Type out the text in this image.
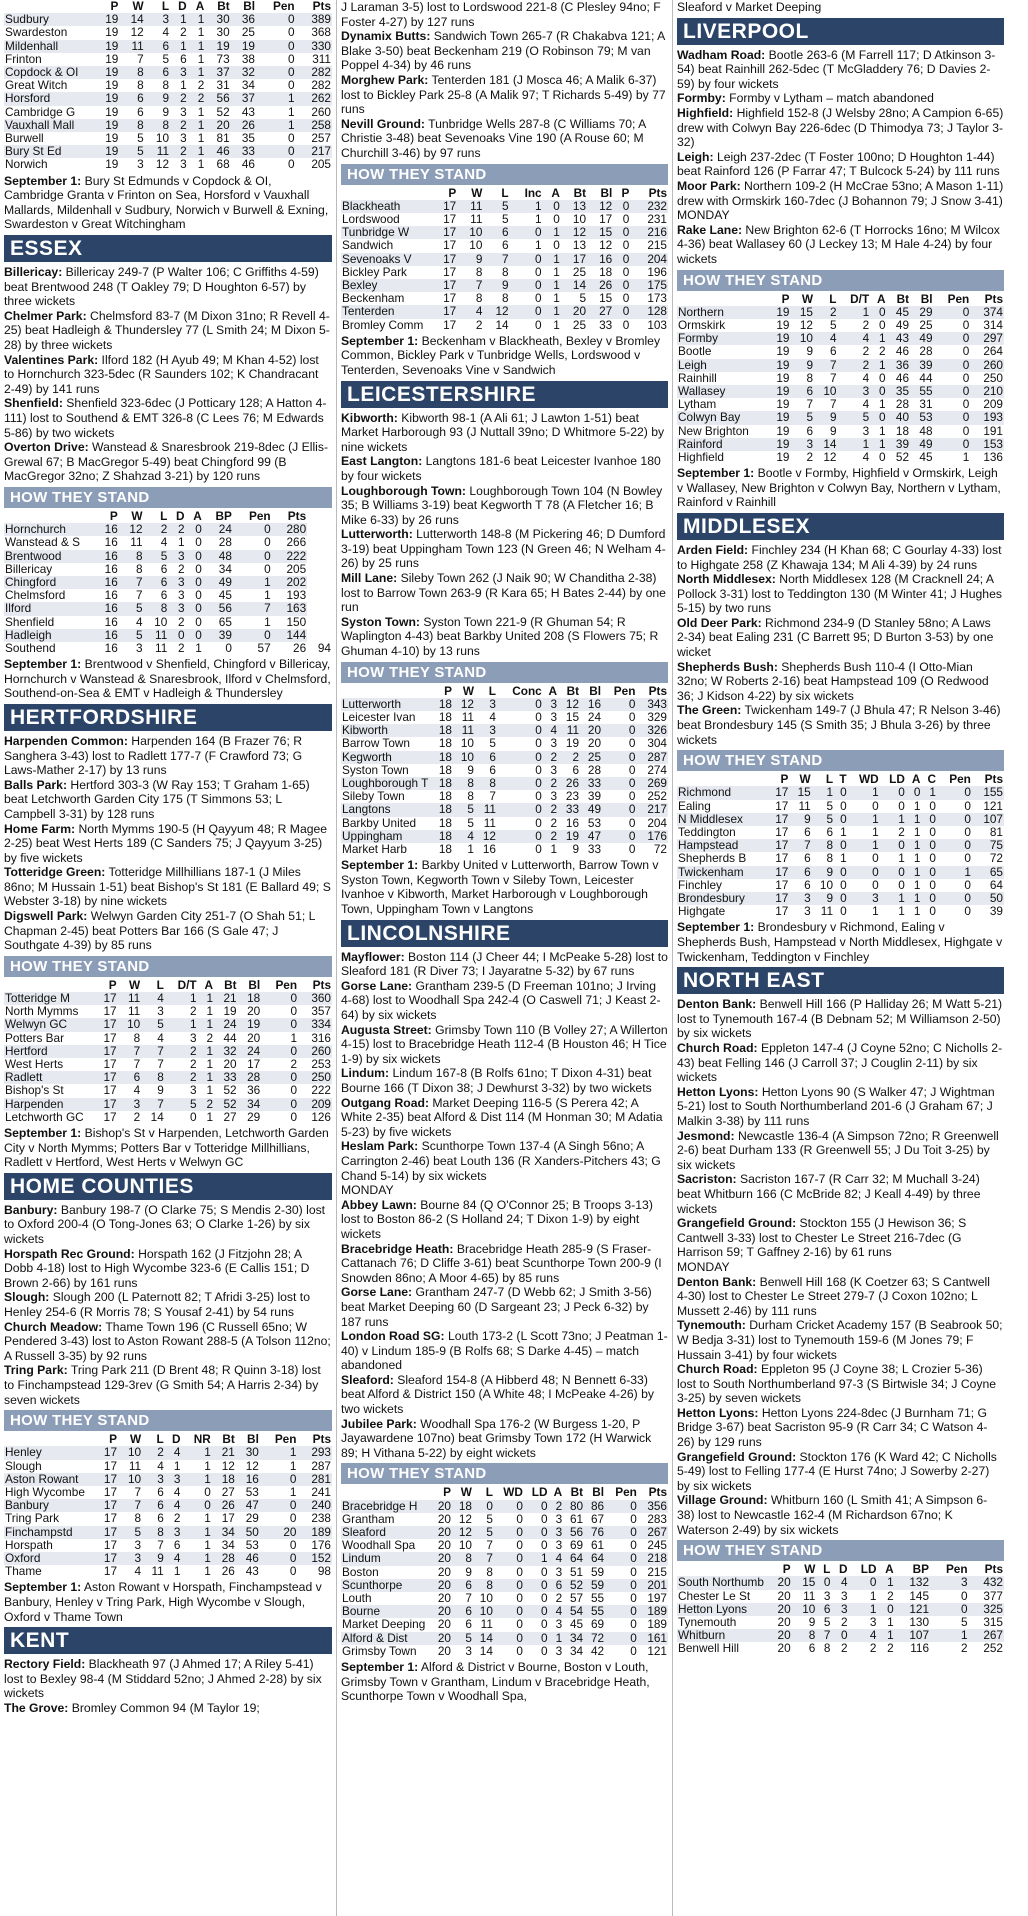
	P	W	L	D	A	Bt	Bl	Pen	Pts
Sudbury	19	14	3	1	1	30	36	0	389
Swardeston	19	12	4	2	1	30	25	0	368
Mildenhall	19	11	6	1	1	19	19	0	330
Frinton	19	7	5	6	1	73	38	0	311
Copdock & OI	19	8	6	3	1	37	32	0	282
Great Witch	19	8	8	1	2	31	34	0	282
Horsford	19	6	9	2	2	56	37	1	262
Cambridge G	19	6	9	3	1	52	43	1	260
Vauxhall Mall	19	8	8	2	1	20	26	1	258
Burwell	19	5	10	3	1	81	35	0	257
Bury St Ed	19	5	11	2	1	46	33	0	217
Norwich	19	3	12	3	1	68	46	0	205

September 1: Bury St Edmunds v Copdock & OI, Cambridge Granta v Frinton on Sea, Horsford v Vauxhall Mallards, Mildenhall v Sudbury, Norwich v Burwell & Exning, Swardeston v Great Witchingham

ESSEX

Billericay: Billericay 249-7 (P Walter 106; C Griffiths 4-59) beat Brentwood 248 (T Oakley 79; D Houghton 6-57) by three wickets

Chelmer Park: Chelmsford 83-7 (M Dixon 31no; R Revell 4-25) beat Hadleigh & Thundersley 77 (L Smith 24; M Dixon 5-28) by three wickets

Valentines Park: Ilford 182 (H Ayub 49; M Khan 4-52) lost to Hornchurch 323-5dec (R Saunders 102; K Chandracant 2-49) by 141 runs

Shenfield: Shenfield 323-6dec (J Potticary 128; A Hatton 4-111) lost to Southend & EMT 326-8 (C Lees 76; M Edwards 5-86) by two wickets

Overton Drive: Wanstead & Snaresbrook 219-8dec (J Ellis-Grewal 67; B MacGregor 5-49) beat Chingford 99 (B MacGregor 32no; Z Shahzad 3-21) by 120 runs

HOW THEY STAND
	P	W	L	D	A	BP	Pen	Pts	
Hornchurch	16	12	2	2	0	24	0	280	
Wanstead & S	16	11	4	1	0	28	0	266	
Brentwood	16	8	5	3	0	48	0	222	
Billericay	16	8	6	2	0	34	0	205	
Chingford	16	7	6	3	0	49	1	202	
Chelmsford	16	7	6	3	0	45	1	193	
Ilford	16	5	8	3	0	56	7	163	
Shenfield	16	4	10	2	0	65	1	150	
Hadleigh	16	5	11	0	0	39	0	144	
Southend	16	3	11	2	1	0	57	26	94

September 1: Brentwood v Shenfield, Chingford v Billericay, Hornchurch v Wanstead & Snaresbrook, Ilford v Chelmsford, Southend-on-Sea & EMT v Hadleigh & Thundersley

HERTFORDSHIRE

Harpenden Common: Harpenden 164 (B Frazer 76; R Sanghera 3-43) lost to Radlett 177-7 (F Crawford 73; G Laws-Mather 2-17) by 13 runs

Balls Park: Hertford 303-3 (W Ray 153; T Graham 1-65) beat Letchworth Garden City 175 (T Simmons 53; L Campbell 3-31) by 128 runs

Home Farm: North Mymms 190-5 (H Qayyum 48; R Magee 2-25) beat West Herts 189 (C Sanders 75; J Qayyum 3-25) by five wickets

Totteridge Green: Totteridge Millhillians 187-1 (J Miles 86no; M Hussain 1-51) beat Bishop's St 181 (E Ballard 49; S Webster 3-18) by nine wickets

Digswell Park: Welwyn Garden City 251-7 (O Shah 51; L Chapman 2-45) beat Potters Bar 166 (S Gale 47; J Southgate 4-39) by 85 runs

HOW THEY STAND
	P	W	L	D/T	A	Bt	Bl	Pen	Pts
Totteridge M	17	11	4	1	1	21	18	0	360
North Mymms	17	11	3	2	1	19	20	0	357
Welwyn GC	17	10	5	1	1	24	19	0	334
Potters Bar	17	8	4	3	2	44	20	1	316
Hertford	17	7	7	2	1	32	24	0	260
West Herts	17	7	7	2	1	20	17	2	253
Radlett	17	6	8	2	1	33	28	0	250
Bishop's St	17	4	9	3	1	52	36	0	222
Harpenden	17	3	7	5	2	52	34	0	209
Letchworth GC	17	2	14	0	1	27	29	0	126

September 1: Bishop's St v Harpenden, Letchworth Garden City v North Mymms; Potters Bar v Totteridge Millhillians, Radlett v Hertford, West Herts v Welwyn GC

HOME COUNTIES

Banbury: Banbury 198-7 (O Clarke 75; S Mendis 2-30) lost to Oxford 200-4 (O Tong-Jones 63; O Clarke 1-26) by six wickets

Horspath Rec Ground: Horspath 162 (J Fitzjohn 28; A Dobb 4-18) lost to High Wycombe 323-6 (E Callis 151; D Brown 2-66) by 161 runs

Slough: Slough 200 (L Paternott 82; T Afridi 3-25) lost to Henley 254-6 (R Morris 78; S Yousaf 2-41) by 54 runs

Church Meadow: Thame Town 196 (C Russell 65no; W Pendered 3-43) lost to Aston Rowant 288-5 (A Tolson 112no; A Russell 3-35) by 92 runs

Tring Park: Tring Park 211 (D Brent 48; R Quinn 3-18) lost to Finchampstead 129-3rev (G Smith 54; A Harris 2-34) by seven wickets

HOW THEY STAND
	P	W	L	D	NR	Bt	Bl	Pen	Pts
Henley	17	10	2	4	1	21	30	1	293
Slough	17	11	4	1	1	12	12	1	287
Aston Rowant	17	10	3	3	1	18	16	0	281
High Wycombe	17	7	6	4	0	27	53	1	241
Banbury	17	7	6	4	0	26	47	0	240
Tring Park	17	8	6	2	1	17	29	0	238
Finchampstd	17	5	8	3	1	34	50	20	189
Horspath	17	3	7	6	1	34	53	0	176
Oxford	17	3	9	4	1	28	46	0	152
Thame	17	4	11	1	1	26	43	0	98

September 1: Aston Rowant v Horspath, Finchampstead v Banbury, Henley v Tring Park, High Wycombe v Slough, Oxford v Thame Town

KENT

Rectory Field: Blackheath 97 (J Ahmed 17; A Riley 5-41) lost to Bexley 98-4 (M Stiddard 52no; J Ahmed 2-28) by six wickets

The Grove: Bromley Common 94 (M Taylor 19;

J Laraman 3-5) lost to Lordswood 221-8 (C Plesley 94no; F Foster 4-27) by 127 runs

Dynamix Butts: Sandwich Town 265-7 (R Chakabva 121; A Blake 3-50) beat Beckenham 219 (O Robinson 79; M van Poppel 4-34) by 46 runs

Morghew Park: Tenterden 181 (J Mosca 46; A Malik 6-37) lost to Bickley Park 25-8 (A Malik 97; T Richards 5-49) by 77 runs

Nevill Ground: Tunbridge Wells 287-8 (C Williams 70; A Christie 3-48) beat Sevenoaks Vine 190 (A Rouse 60; M Churchill 3-46) by 97 runs

HOW THEY STAND
	P	W	L	Inc	A	Bt	Bl	P	Pts
Blackheath	17	11	5	1	0	13	12	0	232
Lordswood	17	11	5	1	0	10	17	0	231
Tunbridge W	17	10	6	0	1	12	15	0	216
Sandwich	17	10	6	1	0	13	12	0	215
Sevenoaks V	17	9	7	0	1	17	16	0	204
Bickley Park	17	8	8	0	1	25	18	0	196
Bexley	17	7	9	0	1	14	26	0	175
Beckenham	17	8	8	0	1	5	15	0	173
Tenterden	17	4	12	0	1	20	27	0	128
Bromley Comm	17	2	14	0	1	25	33	0	103

September 1: Beckenham v Blackheath, Bexley v Bromley Common, Bickley Park v Tunbridge Wells, Lordswood v Tenterden, Sevenoaks Vine v Sandwich

LEICESTERSHIRE

Kibworth: Kibworth 98-1 (A Ali 61; J Lawton 1-51) beat Market Harborough 93 (J Nuttall 39no; D Whitmore 5-22) by nine wickets

East Langton: Langtons 181-6 beat Leicester Ivanhoe 180 by four wickets

Loughborough Town: Loughborough Town 104 (N Bowley 35; B Williams 3-19) beat Kegworth T 78 (A Fletcher 16; B Mike 6-33) by 26 runs

Lutterworth: Lutterworth 148-8 (M Pickering 46; D Dumford 3-19) beat Uppingham Town 123 (N Green 46; N Welham 4-26) by 25 runs

Mill Lane: Sileby Town 262 (J Naik 90; W Chanditha 2-38) lost to Barrow Town 263-9 (R Kara 65; H Bates 2-44) by one run

Syston Town: Syston Town 221-9 (R Ghuman 54; R Waplington 4-43) beat Barkby United 208 (S Flowers 75; R Ghuman 4-10) by 13 runs

HOW THEY STAND
	P	W	L	Conc	A	Bt	Bl	Pen	Pts
Lutterworth	18	12	3	0	3	12	16	0	343
Leicester Ivan	18	11	4	0	3	15	24	0	329
Kibworth	18	11	3	0	4	11	20	0	326
Barrow Town	18	10	5	0	3	19	20	0	304
Kegworth	18	10	6	0	2	2	25	0	287
Syston Town	18	9	6	0	3	6	28	0	274
Loughborough T	18	8	8	0	2	26	33	0	269
Sileby Town	18	8	7	0	3	23	39	0	252
Langtons	18	5	11	0	2	33	49	0	217
Barkby United	18	5	11	0	2	16	53	0	204
Uppingham	18	4	12	0	2	19	47	0	176
Market Harb	18	1	16	0	1	9	33	0	72

September 1: Barkby United v Lutterworth, Barrow Town v Syston Town, Kegworth Town v Sileby Town, Leicester Ivanhoe v Kibworth, Market Harborough v Loughborough Town, Uppingham Town v Langtons

LINCOLNSHIRE

Mayflower: Boston 114 (J Cheer 44; I McPeake 5-28) lost to Sleaford 181 (R Diver 73; I Jayaratne 5-32) by 67 runs

Gorse Lane: Grantham 239-5 (D Freeman 101no; J Irving 4-68) lost to Woodhall Spa 242-4 (O Caswell 71; J Keast 2-64) by six wickets

Augusta Street: Grimsby Town 110 (B Volley 27; A Willerton 4-15) lost to Bracebridge Heath 112-4 (B Houston 46; H Tice 1-9) by six wickets

Lindum: Lindum 167-8 (B Rolfs 61no; T Dixon 4-31) beat Bourne 166 (T Dixon 38; J Dewhurst 3-32) by two wickets

Outgang Road: Market Deeping 116-5 (S Perera 42; A White 2-35) beat Alford & Dist 114 (M Honman 30; M Adatia 5-23) by five wickets

Heslam Park: Scunthorpe Town 137-4 (A Singh 56no; A Carrington 2-46) beat Louth 136 (R Xanders-Pitchers 43; G Chand 5-14) by six wickets

MONDAY

Abbey Lawn: Bourne 84 (Q O'Connor 25; B Troops 3-13) lost to Boston 86-2 (S Holland 24; T Dixon 1-9) by eight wickets

Bracebridge Heath: Bracebridge Heath 285-9 (S Fraser-Cattanach 76; D Cliffe 3-61) beat Scunthorpe Town 200-9 (I Snowden 86no; A Moor 4-65) by 85 runs

Gorse Lane: Grantham 247-7 (D Webb 62; J Smith 3-56) beat Market Deeping 60 (D Sargeant 23; J Peck 6-32) by 187 runs

London Road SG: Louth 173-2 (L Scott 73no; J Peatman 1-40) v Lindum 185-9 (B Rolfs 68; S Darke 4-45) – match abandoned

Sleaford: Sleaford 154-8 (A Hibberd 48; N Bennett 6-33) beat Alford & District 150 (A White 48; I McPeake 4-26) by two wickets

Jubilee Park: Woodhall Spa 176-2 (W Burgess 1-20, P Jayawardene 107no) beat Grimsby Town 172 (H Warwick 89; H Vithana 5-22) by eight wickets

HOW THEY STAND
	P	W	L	WD	LD	A	Bt	Bl	Pen	Pts
Bracebridge H	20	18	0	0	0	2	80	86	0	356
Grantham	20	12	5	0	0	3	61	67	0	283
Sleaford	20	12	5	0	0	3	56	76	0	267
Woodhall Spa	20	10	7	0	0	3	69	61	0	245
Lindum	20	8	7	0	1	4	64	64	0	218
Boston	20	9	8	0	0	3	51	59	0	215
Scunthorpe	20	6	8	0	0	6	52	59	0	201
Louth	20	7	10	0	0	2	57	55	0	197
Bourne	20	6	10	0	0	4	54	55	0	189
Market Deeping	20	6	11	0	0	3	45	69	0	189
Alford & Dist	20	5	14	0	0	1	34	72	0	161
Grimsby Town	20	3	14	0	0	3	34	42	0	121

September 1: Alford & District v Bourne, Boston v Louth, Grimsby Town v Grantham, Lindum v Bracebridge Heath, Scunthorpe Town v Woodhall Spa,

Sleaford v Market Deeping

LIVERPOOL

Wadham Road: Bootle 263-6 (M Farrell 117; D Atkinson 3-54) beat Rainhill 262-5dec (T McGladdery 76; D Davies 2-59) by four wickets

Formby: Formby v Lytham – match abandoned

Highfield: Highfield 152-8 (J Welsby 28no; A Campion 6-65) drew with Colwyn Bay 226-6dec (D Thimodya 73; J Taylor 3-32)

Leigh: Leigh 237-2dec (T Foster 100no; D Houghton 1-44) beat Rainford 126 (P Farrar 47; T Bulcock 5-24) by 111 runs

Moor Park: Northern 109-2 (H McCrae 53no; A Mason 1-11) drew with Ormskirk 160-7dec (J Bohannon 79; J Snow 3-41)

MONDAY

Rake Lane: New Brighton 62-6 (T Horrocks 16no; M Wilcox 4-36) beat Wallasey 60 (J Leckey 13; M Hale 4-24) by four wickets

HOW THEY STAND
	P	W	L	D/T	A	Bt	Bl	Pen	Pts
Northern	19	15	2	1	0	45	29	0	374
Ormskirk	19	12	5	2	0	49	25	0	314
Formby	19	10	4	4	1	43	49	0	297
Bootle	19	9	6	2	2	46	28	0	264
Leigh	19	9	7	2	1	36	39	0	260
Rainhill	19	8	7	4	0	46	44	0	250
Wallasey	19	6	10	3	0	35	55	0	210
Lytham	19	7	7	4	1	28	31	0	209
Colwyn Bay	19	5	9	5	0	40	53	0	193
New Brighton	19	6	9	3	1	18	48	0	191
Rainford	19	3	14	1	1	39	49	0	153
Highfield	19	2	12	4	0	52	45	1	136

September 1: Bootle v Formby, Highfield v Ormskirk, Leigh v Wallasey, New Brighton v Colwyn Bay, Northern v Lytham, Rainford v Rainhill

MIDDLESEX

Arden Field: Finchley 234 (H Khan 68; C Gourlay 4-33) lost to Highgate 258 (Z Khawaja 134; M Ali 4-39) by 24 runs

North Middlesex: North Middlesex 128 (M Cracknell 24; A Pollock 3-31) lost to Teddington 130 (M Winter 41; J Hughes 5-15) by two runs

Old Deer Park: Richmond 234-9 (D Stanley 58no; A Laws 2-34) beat Ealing 231 (C Barrett 95; D Burton 3-53) by one wicket

Shepherds Bush: Shepherds Bush 110-4 (I Otto-Mian 32no; W Roberts 2-16) beat Hampstead 109 (O Redwood 36; J Kidson 4-22) by six wickets

The Green: Twickenham 149-7 (J Bhula 47; R Nelson 3-46) beat Brondesbury 145 (S Smith 35; J Bhula 3-26) by three wickets

HOW THEY STAND
	P	W	L	T	WD	LD	A	C	Pen	Pts
Richmond	17	15	1	0	1	0	0	1	0	155
Ealing	17	11	5	0	0	0	1	0	0	121
N Middlesex	17	9	5	0	1	1	1	0	0	107
Teddington	17	6	6	1	1	2	1	0	0	81
Hampstead	17	7	8	0	1	0	1	0	0	75
Shepherds B	17	6	8	1	0	1	1	0	0	72
Twickenham	17	6	9	0	0	0	1	0	1	65
Finchley	17	6	10	0	0	0	1	0	0	64
Brondesbury	17	3	9	0	3	1	1	0	0	50
Highgate	17	3	11	0	1	1	1	0	0	39

September 1: Brondesbury v Richmond, Ealing v Shepherds Bush, Hampstead v North Middlesex, Highgate v Twickenham, Teddington v Finchley

NORTH EAST

Denton Bank: Benwell Hill 166 (P Halliday 26; M Watt 5-21) lost to Tynemouth 167-4 (B Debnam 52; M Williamson 2-50) by six wickets

Church Road: Eppleton 147-4 (J Coyne 52no; C Nicholls 2-43) beat Felling 146 (J Carroll 37; J Couglin 2-11) by six wickets

Hetton Lyons: Hetton Lyons 90 (S Walker 47; J Wightman 5-21) lost to South Northumberland 201-6 (J Graham 67; J Malkin 3-38) by 111 runs

Jesmond: Newcastle 136-4 (A Simpson 72no; R Greenwell 2-6) beat Durham 133 (R Greenwell 55; J Du Toit 3-25) by six wickets

Sacriston: Sacriston 167-7 (R Carr 32; M Muchall 3-24) beat Whitburn 166 (C McBride 82; J Keall 4-49) by three wickets

Grangefield Ground: Stockton 155 (J Hewison 36; S Cantwell 3-33) lost to Chester Le Street 216-7dec (G Harrison 59; T Gaffney 2-16) by 61 runs

MONDAY

Denton Bank: Benwell Hill 168 (K Coetzer 63; S Cantwell 4-30) lost to Chester Le Street 279-7 (J Coxon 102no; L Mussett 2-46) by 111 runs

Tynemouth: Durham Cricket Academy 157 (B Seabrook 50; W Bedja 3-31) lost to Tynemouth 159-6 (M Jones 79; F Hussain 3-41) by four wickets

Church Road: Eppleton 95 (J Coyne 38; L Crozier 5-36) lost to South Northumberland 97-3 (S Birtwisle 34; J Coyne 3-25) by seven wickets

Hetton Lyons: Hetton Lyons 224-8dec (J Burnham 71; G Bridge 3-67) beat Sacriston 95-9 (R Carr 34; C Watson 4-26) by 129 runs

Grangefield Ground: Stockton 176 (K Ward 42; C Nicholls 5-49) lost to Felling 177-4 (E Hurst 74no; J Sowerby 2-27) by six wickets

Village Ground: Whitburn 160 (L Smith 41; A Simpson 6-38) lost to Newcastle 162-4 (M Richardson 67no; K Waterson 2-49) by six wickets

HOW THEY STAND
	P	W	L	D	LD	A	BP	Pen	Pts
South Northumb	20	15	0	4	0	1	132	3	432
Chester Le St	20	11	3	3	1	2	145	0	377
Hetton Lyons	20	10	6	3	1	0	121	0	325
Tynemouth	20	9	5	2	3	1	130	5	315
Whitburn	20	8	7	0	4	1	107	1	267
Benwell Hill	20	6	8	2	2	2	116	2	252
